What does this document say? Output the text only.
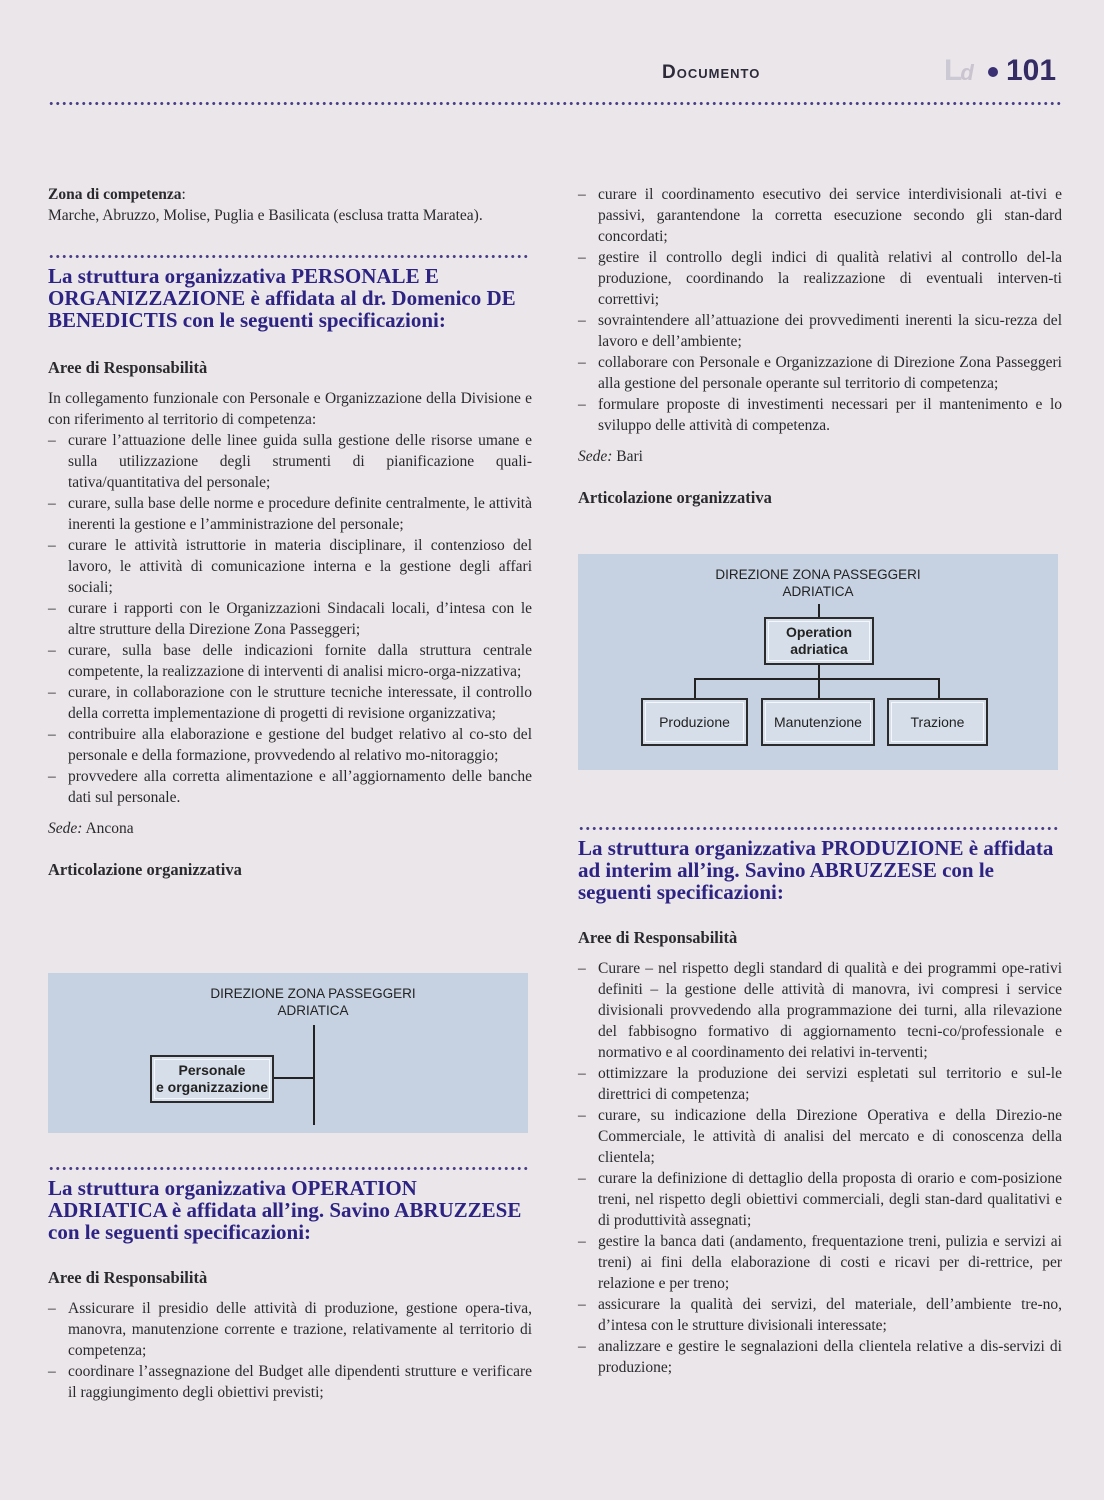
Documento	Ld 101

Zona di competenza:

Marche, Abruzzo, Molise, Puglia e Basilicata (esclusa tratta Maratea).

La struttura organizzativa PERSONALE E ORGANIZZAZIONE è affidata al dr. Domenico DE BENEDICTIS con le seguenti specificazioni:
Aree di Responsabilità

In collegamento funzionale con Personale e Organizzazione della Divisione e con riferimento al territorio di competenza:

– curare l’attuazione delle linee guida sulla gestione delle risorse umane e sulla utilizzazione degli strumenti di pianificazione quali-tativa/quantitativa del personale;
– curare, sulla base delle norme e procedure definite centralmente, le attività inerenti la gestione e l’amministrazione del personale;
– curare le attività istruttorie in materia disciplinare, il contenzioso del lavoro, le attività di comunicazione interna e la gestione degli affari sociali;
– curare i rapporti con le Organizzazioni Sindacali locali, d’intesa con le altre strutture della Direzione Zona Passeggeri;
– curare, sulla base delle indicazioni fornite dalla struttura centrale competente, la realizzazione di interventi di analisi micro-orga-nizzativa;
– curare, in collaborazione con le strutture tecniche interessate, il controllo della corretta implementazione di progetti di revisione organizzativa;
– contribuire alla elaborazione e gestione del budget relativo al co-sto del personale e della formazione, provvedendo al relativo mo-nitoraggio;
– provvedere alla corretta alimentazione e all’aggiornamento delle banche dati sul personale.

Sede: Ancona

Articolazione organizzativa
DIREZIONE ZONA PASSEGGERI
ADRIATICA
Personale
e organizzazione
La struttura organizzativa OPERATION ADRIATICA è affidata all’ing. Savino ABRUZZESE con le seguenti specificazioni:
Aree di Responsabilità
– Assicurare il presidio delle attività di produzione, gestione opera-tiva, manovra, manutenzione corrente e trazione, relativamente al territorio di competenza;
– coordinare l’assegnazione del Budget alle dipendenti strutture e verificare il raggiungimento degli obiettivi previsti;
– curare il coordinamento esecutivo dei service interdivisionali at-tivi e passivi, garantendone la corretta esecuzione secondo gli stan-dard concordati;
– gestire il controllo degli indici di qualità relativi al controllo del-la produzione, coordinando la realizzazione di eventuali interven-ti correttivi;
– sovraintendere all’attuazione dei provvedimenti inerenti la sicu-rezza del lavoro e dell’ambiente;
– collaborare con Personale e Organizzazione di Direzione Zona Passeggeri alla gestione del personale operante sul territorio di competenza;
– formulare proposte di investimenti necessari per il mantenimento e lo sviluppo delle attività di competenza.

Sede: Bari

Articolazione organizzativa
DIREZIONE ZONA PASSEGGERI
ADRIATICA
Operation
adriatica
Produzione	Manutenzione	Trazione
La struttura organizzativa PRODUZIONE è affidata ad interim all’ing. Savino ABRUZZESE con le seguenti specificazioni:
Aree di Responsabilità
– Curare – nel rispetto degli standard di qualità e dei programmi ope-rativi definiti – la gestione delle attività di manovra, ivi compresi i service divisionali provvedendo alla programmazione dei turni, alla rilevazione del fabbisogno formativo di aggiornamento tecni-co/professionale e normativo e al coordinamento dei relativi in-terventi;
– ottimizzare la produzione dei servizi espletati sul territorio e sul-le direttrici di competenza;
– curare, su indicazione della Direzione Operativa e della Direzio-ne Commerciale, le attività di analisi del mercato e di conoscenza della clientela;
– curare la definizione di dettaglio della proposta di orario e com-posizione treni, nel rispetto degli obiettivi commerciali, degli stan-dard qualitativi e di produttività assegnati;
– gestire la banca dati (andamento, frequentazione treni, pulizia e servizi ai treni) ai fini della elaborazione di costi e ricavi per di-rettrice, per relazione e per treno;
– assicurare la qualità dei servizi, del materiale, dell’ambiente tre-no, d’intesa con le strutture divisionali interessate;
– analizzare e gestire le segnalazioni della clientela relative a dis-servizi di produzione;
